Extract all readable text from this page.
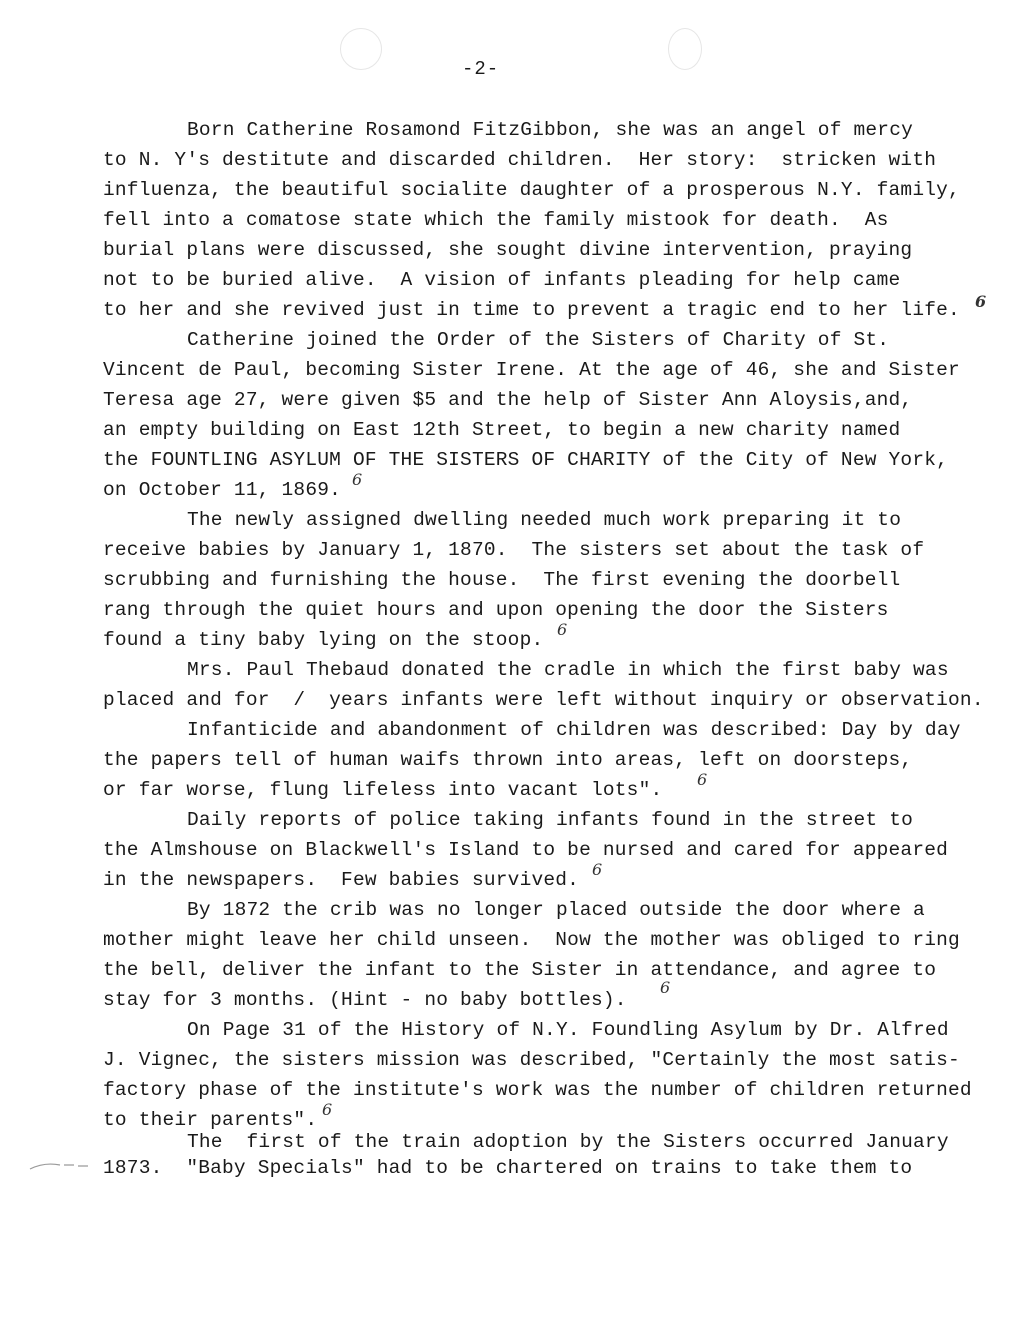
-2-
Born Catherine Rosamond FitzGibbon, she was an angel of mercy
to N. Y's destitute and discarded children.  Her story:  stricken with
influenza, the beautiful socialite daughter of a prosperous N.Y. family,
fell into a comatose state which the family mistook for death.  As
burial plans were discussed, she sought divine intervention, praying
not to be buried alive.  A vision of infants pleading for help came
to her and she revived just in time to prevent a tragic end to her life.
Catherine joined the Order of the Sisters of Charity of St.
Vincent de Paul, becoming Sister Irene. At the age of 46, she and Sister
Teresa age 27, were given $5 and the help of Sister Ann Aloysis,and,
an empty building on East 12th Street, to begin a new charity named
the FOUNTLING ASYLUM OF THE SISTERS OF CHARITY of the City of New York,
on October 11, 1869.
The newly assigned dwelling needed much work preparing it to
receive babies by January 1, 1870.  The sisters set about the task of
scrubbing and furnishing the house.  The first evening the doorbell
rang through the quiet hours and upon opening the door the Sisters
found a tiny baby lying on the stoop.
Mrs. Paul Thebaud donated the cradle in which the first baby was
placed and for  /  years infants were left without inquiry or observation.
Infanticide and abandonment of children was described: Day by day
the papers tell of human waifs thrown into areas, left on doorsteps,
or far worse, flung lifeless into vacant lots".
Daily reports of police taking infants found in the street to
the Almshouse on Blackwell's Island to be nursed and cared for appeared
in the newspapers.  Few babies survived.
By 1872 the crib was no longer placed outside the door where a
mother might leave her child unseen.  Now the mother was obliged to ring
the bell, deliver the infant to the Sister in attendance, and agree to
stay for 3 months. (Hint - no baby bottles).
On Page 31 of the History of N.Y. Foundling Asylum by Dr. Alfred
J. Vignec, the sisters mission was described, "Certainly the most satis-
factory phase of the institute's work was the number of children returned
to their parents".
The  first of the train adoption by the Sisters occurred January
1873.  "Baby Specials" had to be chartered on trains to take them to
6
6
6
6
6
6
6
